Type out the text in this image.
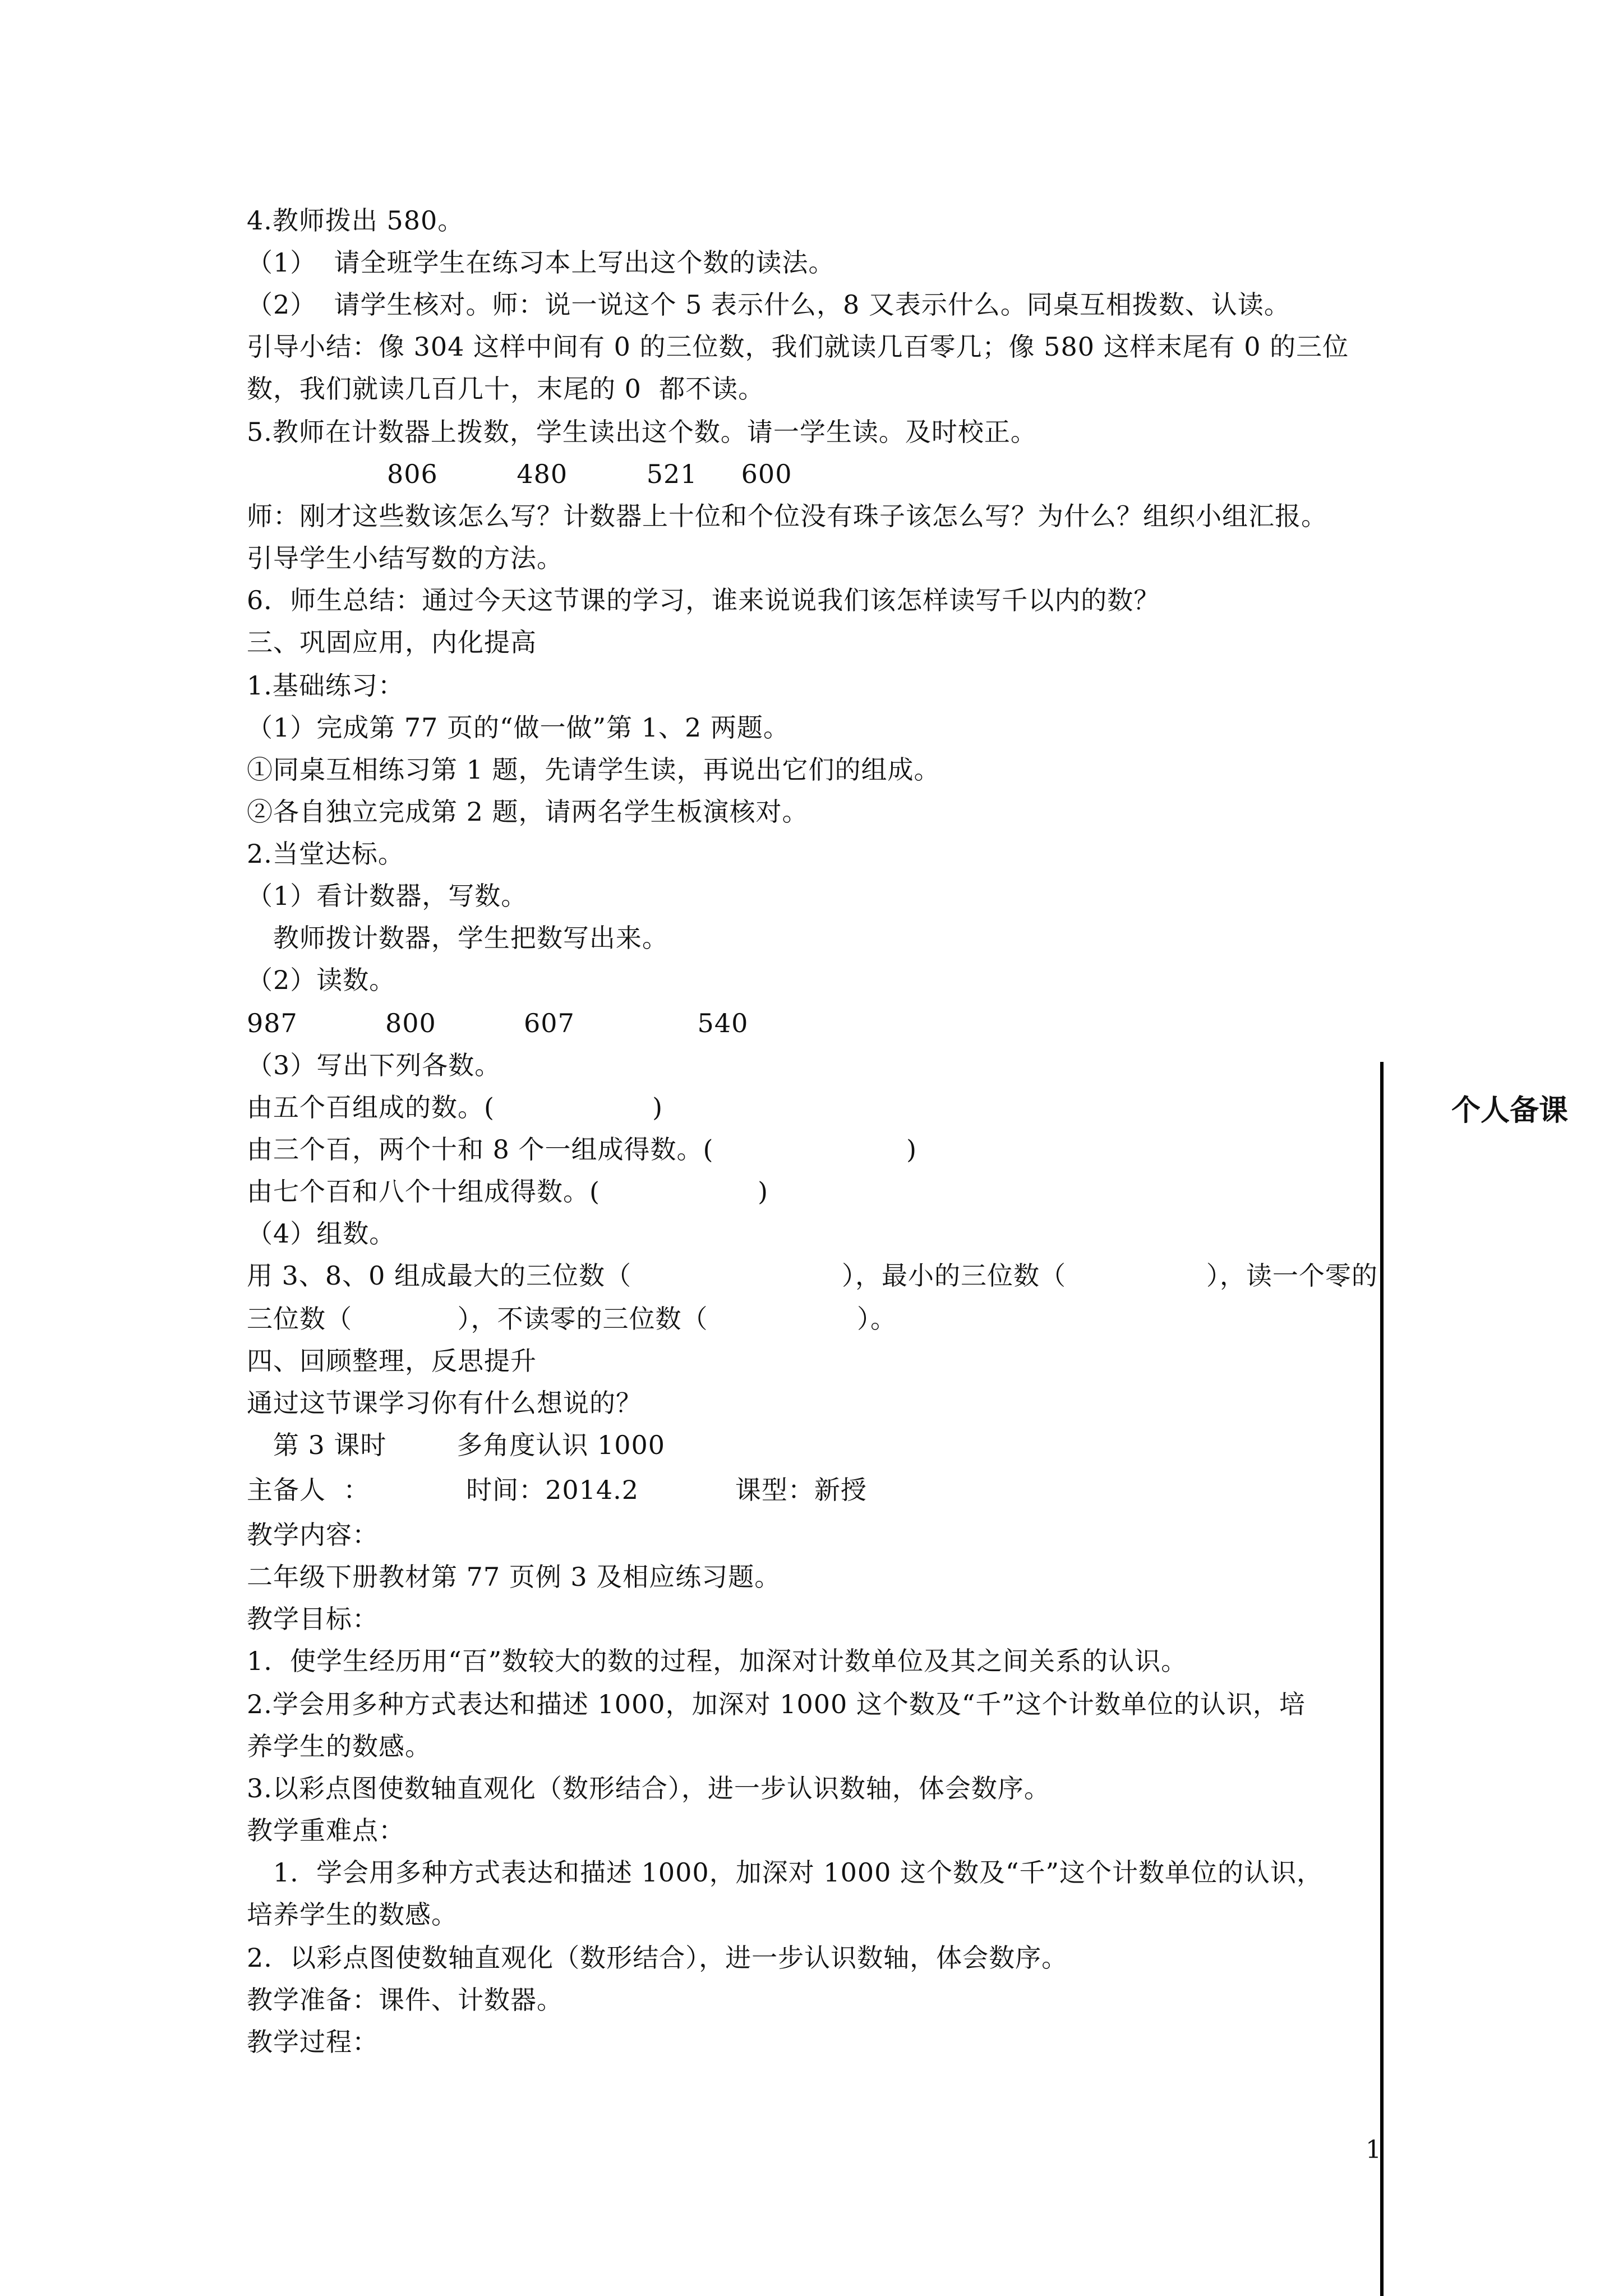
4.教师拨出 580。
（1）  请全班学生在练习本上写出这个数的读法。
（2）  请学生核对。师：说一说这个 5 表示什么，8 又表示什么。同桌互相拨数、认读。
引导小结：像 304 这样中间有 0 的三位数，我们就读几百零几；像 580 这样末尾有 0 的三位
数，我们就读几百几十，末尾的 0  都不读。
5.教师在计数器上拨数，学生读出这个数。请一学生读。及时校正。
806         480         521     600
师：刚才这些数该怎么写？计数器上十位和个位没有珠子该怎么写？为什么？组织小组汇报。
引导学生小结写数的方法。
6．师生总结：通过今天这节课的学习，谁来说说我们该怎样读写千以内的数？
三、巩固应用，内化提高
1.基础练习：
（1）完成第 77 页的“做一做”第 1、2 两题。
①同桌互相练习第 1 题，先请学生读，再说出它们的组成。
②各自独立完成第 2 题，请两名学生板演核对。
2.当堂达标。
（1）看计数器，写数。
教师拨计数器，学生把数写出来。
（2）读数。
987          800          607              540
（3）写出下列各数。
由五个百组成的数。(                  )
由三个百，两个十和 8 个一组成得数。(                      )
由七个百和八个十组成得数。(                  )
（4）组数。
用 3、8、0 组成最大的三位数（                        ），最小的三位数（                ），读一个零的
三位数（            ），不读零的三位数（                 ）。
四、回顾整理，反思提升
通过这节课学习你有什么想说的？
第 3 课时        多角度认识 1000
主备人  ：           时间：2014.2           课型：新授
教学内容：
二年级下册教材第 77 页例 3 及相应练习题。
教学目标：
1.  使学生经历用“百”数较大的数的过程，加深对计数单位及其之间关系的认识。
2.学会用多种方式表达和描述 1000，加深对 1000 这个数及“千”这个计数单位的认识，培
养学生的数感。
3.以彩点图使数轴直观化（数形结合），进一步认识数轴，体会数序。
教学重难点：
1.  学会用多种方式表达和描述 1000，加深对 1000 这个数及“千”这个计数单位的认识，
培养学生的数感。
2.  以彩点图使数轴直观化（数形结合），进一步认识数轴，体会数序。
教学准备：课件、计数器。
教学过程：
个人备课
1
